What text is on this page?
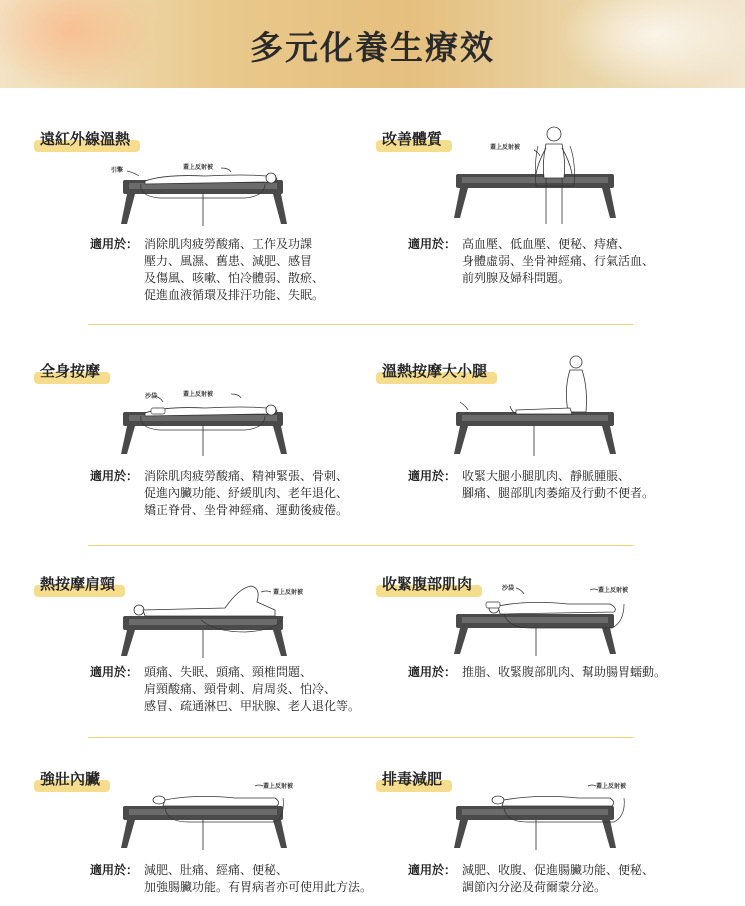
多元化養生療效
遠紅外線溫熱
引擎	蓋上反射被
適用於： 消除肌肉疲勞酸痛、工作及功課
壓力、風濕、舊患、減肥、感冒
及傷風、咳嗽、怕冷體弱、散瘀、
促進血液循環及排汗功能、失眠。
改善體質	蓋上反射被
適用於： 高血壓、低血壓、便秘、痔瘡、
身體虛弱、坐骨神經痛、行氣活血、
前列腺及婦科問題。
全身按摩
沙袋	蓋上反射被
適用於： 消除肌肉疲勞酸痛、精神緊張、骨刺、
促進內臟功能、紓緩肌肉、老年退化、
矯正脊骨、坐骨神經痛、運動後疲倦。
溫熱按摩大小腿
適用於： 收緊大腿小腿肌肉、靜脈腫脹、
腳痛、腿部肌肉萎縮及行動不便者。
熱按摩肩頸	蓋上反射被
適用於： 頭痛、失眠、頭痛、頸椎問題、
肩頸酸痛、頸骨刺、肩周炎、怕冷、
感冒、疏通淋巴、甲狀腺、老人退化等。
收緊腹部肌肉	沙袋	蓋上反射被
適用於： 推脂、收緊腹部肌肉、幫助腸胃蠕動。
強壯內臟	蓋上反射被
適用於： 減肥、肚痛、經痛、便秘、
加強腸臟功能。有胃病者亦可使用此方法。
排毒減肥	蓋上反射被
適用於： 減肥、收腹、促進腸臟功能、便秘、
調節內分泌及荷爾蒙分泌。
